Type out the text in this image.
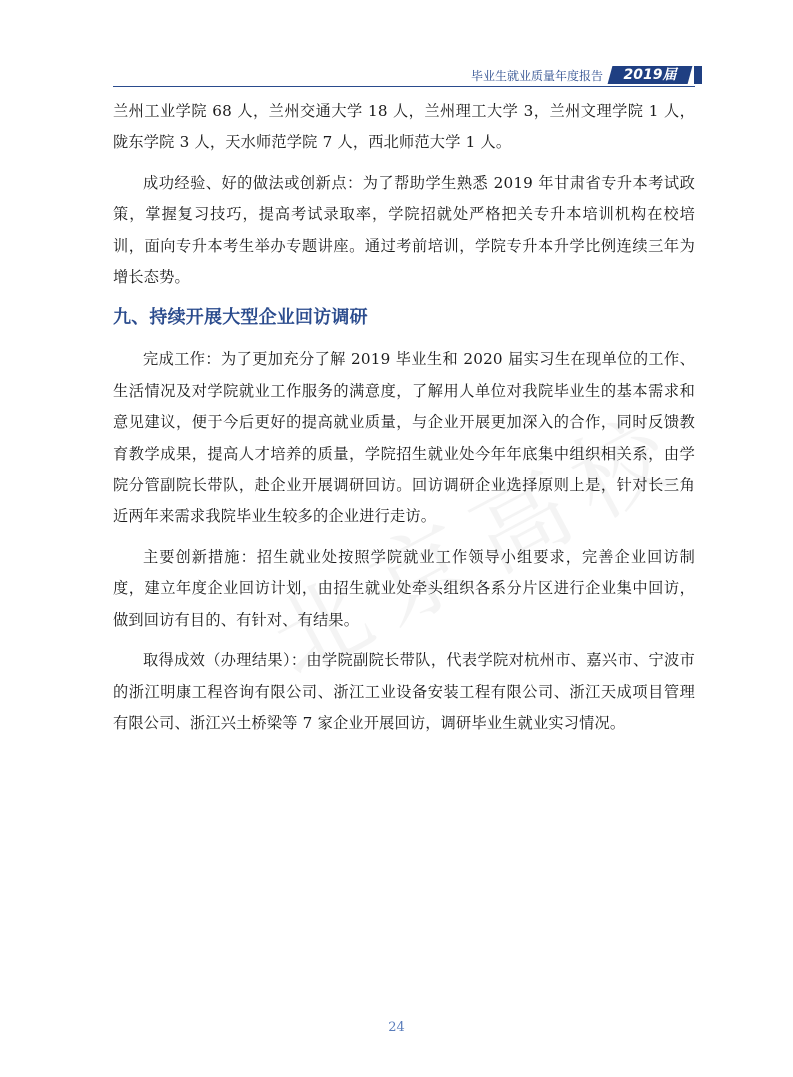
毕业生就业质量年度报告	2019届

兰州工业学院 68 人，兰州交通大学 18 人，兰州理工大学 3，兰州文理学院 1 人，陇东学院 3 人，天水师范学院 7 人，西北师范大学 1 人。

成功经验、好的做法或创新点：为了帮助学生熟悉 2019 年甘肃省专升本考试政策，掌握复习技巧，提高考试录取率，学院招就处严格把关专升本培训机构在校培训，面向专升本考生举办专题讲座。通过考前培训，学院专升本升学比例连续三年为增长态势。

九、持续开展大型企业回访调研

完成工作：为了更加充分了解 2019 毕业生和 2020 届实习生在现单位的工作、生活情况及对学院就业工作服务的满意度，了解用人单位对我院毕业生的基本需求和意见建议，便于今后更好的提高就业质量，与企业开展更加深入的合作，同时反馈教育教学成果，提高人才培养的质量，学院招生就业处今年年底集中组织相关系，由学院分管副院长带队，赴企业开展调研回访。回访调研企业选择原则上是，针对长三角近两年来需求我院毕业生较多的企业进行走访。

主要创新措施：招生就业处按照学院就业工作领导小组要求，完善企业回访制度，建立年度企业回访计划，由招生就业处牵头组织各系分片区进行企业集中回访，做到回访有目的、有针对、有结果。

取得成效（办理结果）：由学院副院长带队，代表学院对杭州市、嘉兴市、宁波市的浙江明康工程咨询有限公司、浙江工业设备安装工程有限公司、浙江天成项目管理有限公司、浙江兴土桥梁等 7 家企业开展回访，调研毕业生就业实习情况。

24
